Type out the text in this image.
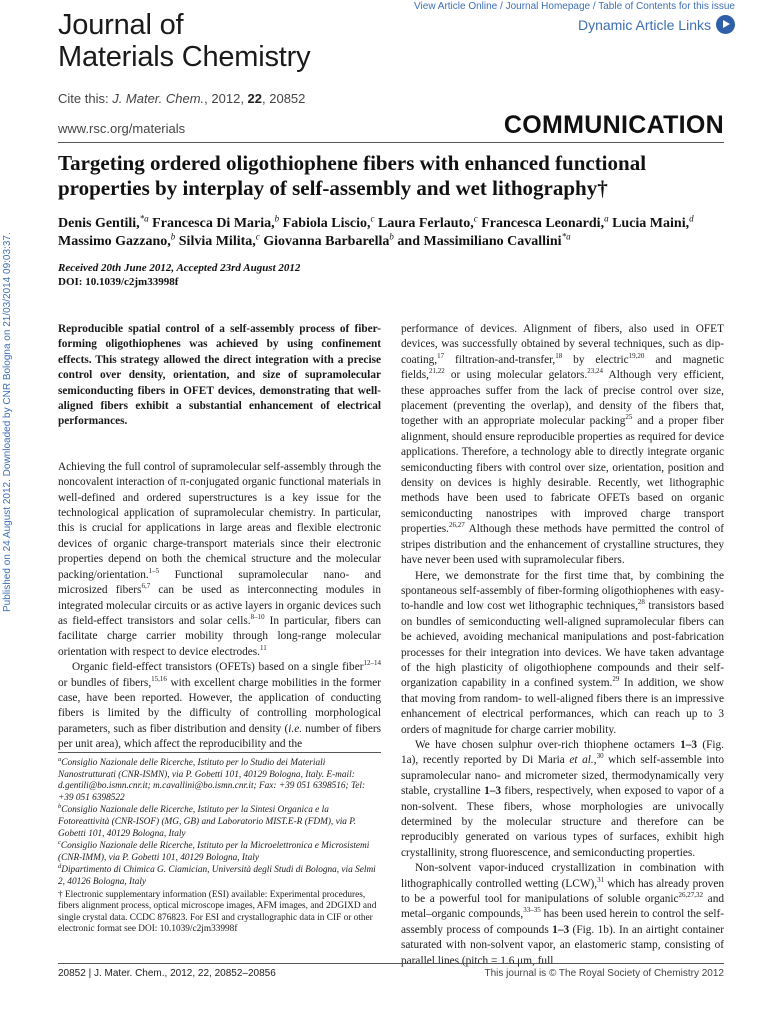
View Article Online / Journal Homepage / Table of Contents for this issue
Dynamic Article Links
Journal of
Materials Chemistry
Cite this: J. Mater. Chem., 2012, 22, 20852
www.rsc.org/materials	COMMUNICATION
Targeting ordered oligothiophene fibers with enhanced functional properties by interplay of self-assembly and wet lithography†
Denis Gentili,$^{*a}$ Francesca Di Maria,$^b$ Fabiola Liscio,$^c$ Laura Ferlauto,$^c$ Francesca Leonardi,$^a$ Lucia Maini,$^d$ Massimo Gazzano,$^b$ Silvia Milita,$^c$ Giovanna Barbarella$^b$ and Massimiliano Cavallini$^{*a}$
Received 20th June 2012, Accepted 23rd August 2012
DOI: 10.1039/c2jm33998f
Published on 24 August 2012. Downloaded by CNR Bologna on 21/03/2014 09:03:37.	Reproducible spatial control of a self-assembly process of fiber-forming oligothiophenes was achieved by using confinement effects. This strategy allowed the direct integration with a precise control over density, orientation, and size of supramolecular semiconducting fibers in OFET devices, demonstrating that well-aligned fibers exhibit a substantial enhancement of electrical performances.

Achieving the full control of supramolecular self-assembly through the noncovalent interaction of π-conjugated organic functional materials in well-defined and ordered superstructures is a key issue for the technological application of supramolecular chemistry. In particular, this is crucial for applications in large areas and flexible electronic devices of organic charge-transport materials since their electronic properties depend on both the chemical structure and the molecular packing/orientation.$^{1-5}$ Functional supramolecular nano- and microsized fibers$^{6,7}$ can be used as interconnecting modules in integrated molecular circuits or as active layers in organic devices such as field-effect transistors and solar cells.$^{8-10}$ In particular, fibers can facilitate charge carrier mobility through long-range molecular orientation with respect to device electrodes.$^{11}$

Organic field-effect transistors (OFETs) based on a single fiber$^{12-14}$ or bundles of fibers,$^{15,16}$ with excellent charge mobilities in the former case, have been reported. However, the application of conducting fibers is limited by the difficulty of controlling morphological parameters, such as fiber distribution and density (i.e. number of fibers per unit area), which affect the reproducibility and the

$^a$Consiglio Nazionale delle Ricerche, Istituto per lo Studio dei Materiali Nanostrutturati (CNR-ISMN), via P. Gobetti 101, 40129 Bologna, Italy. E-mail: d.gentili@bo.ismn.cnr.it; m.cavallini@bo.ismn.cnr.it; Fax: +39 051 6398516; Tel: +39 051 6398522

$^b$Consiglio Nazionale delle Ricerche, Istituto per la Sintesi Organica e la Fotoreattività (CNR-ISOF) (MG, GB) and Laboratorio MIST.E-R (FDM), via P. Gobetti 101, 40129 Bologna, Italy

$^c$Consiglio Nazionale delle Ricerche, Istituto per la Microelettronica e Microsistemi (CNR-IMM), via P. Gobetti 101, 40129 Bologna, Italy

$^d$Dipartimento di Chimica G. Ciamician, Università degli Studi di Bologna, via Selmi 2, 40126 Bologna, Italy

† Electronic supplementary information (ESI) available: Experimental procedures, fibers alignment process, optical microscope images, AFM images, and 2DGIXD and single crystal data. CCDC 876823. For ESI and crystallographic data in CIF or other electronic format see DOI: 10.1039/c2jm33998f

performance of devices. Alignment of fibers, also used in OFET devices, was successfully obtained by several techniques, such as dip-coating,$^{17}$ filtration-and-transfer,$^{18}$ by electric$^{19,20}$ and magnetic fields,$^{21,22}$ or using molecular gelators.$^{23,24}$ Although very efficient, these approaches suffer from the lack of precise control over size, placement (preventing the overlap), and density of the fibers that, together with an appropriate molecular packing$^{25}$ and a proper fiber alignment, should ensure reproducible properties as required for device applications. Therefore, a technology able to directly integrate organic semiconducting fibers with control over size, orientation, position and density on devices is highly desirable. Recently, wet lithographic methods have been used to fabricate OFETs based on organic semiconducting nanostripes with improved charge transport properties.$^{26,27}$ Although these methods have permitted the control of stripes distribution and the enhancement of crystalline structures, they have never been used with supramolecular fibers.

Here, we demonstrate for the first time that, by combining the spontaneous self-assembly of fiber-forming oligothiophenes with easy-to-handle and low cost wet lithographic techniques,$^{28}$ transistors based on bundles of semiconducting well-aligned supramolecular fibers can be achieved, avoiding mechanical manipulations and post-fabrication processes for their integration into devices. We have taken advantage of the high plasticity of oligothiophene compounds and their self-organization capability in a confined system.$^{29}$ In addition, we show that moving from random- to well-aligned fibers there is an impressive enhancement of electrical performances, which can reach up to 3 orders of magnitude for charge carrier mobility.

We have chosen sulphur over-rich thiophene octamers 1–3 (Fig. 1a), recently reported by Di Maria et al.,$^{30}$ which self-assemble into supramolecular nano- and micrometer sized, thermodynamically very stable, crystalline 1–3 fibers, respectively, when exposed to vapor of a non-solvent. These fibers, whose morphologies are univocally determined by the molecular structure and therefore can be reproducibly generated on various types of surfaces, exhibit high crystallinity, strong fluorescence, and semiconducting properties.

Non-solvent vapor-induced crystallization in combination with lithographically controlled wetting (LCW),$^{31}$ which has already proven to be a powerful tool for manipulations of soluble organic$^{26,27,32}$ and metal–organic compounds,$^{33-35}$ has been used herein to control the self-assembly process of compounds 1–3 (Fig. 1b). In an airtight container saturated with non-solvent vapor, an elastomeric stamp, consisting of parallel lines (pitch = 1.6 μm, full

20852 | J. Mater. Chem., 2012, 22, 20852–20856	This journal is © The Royal Society of Chemistry 2012
